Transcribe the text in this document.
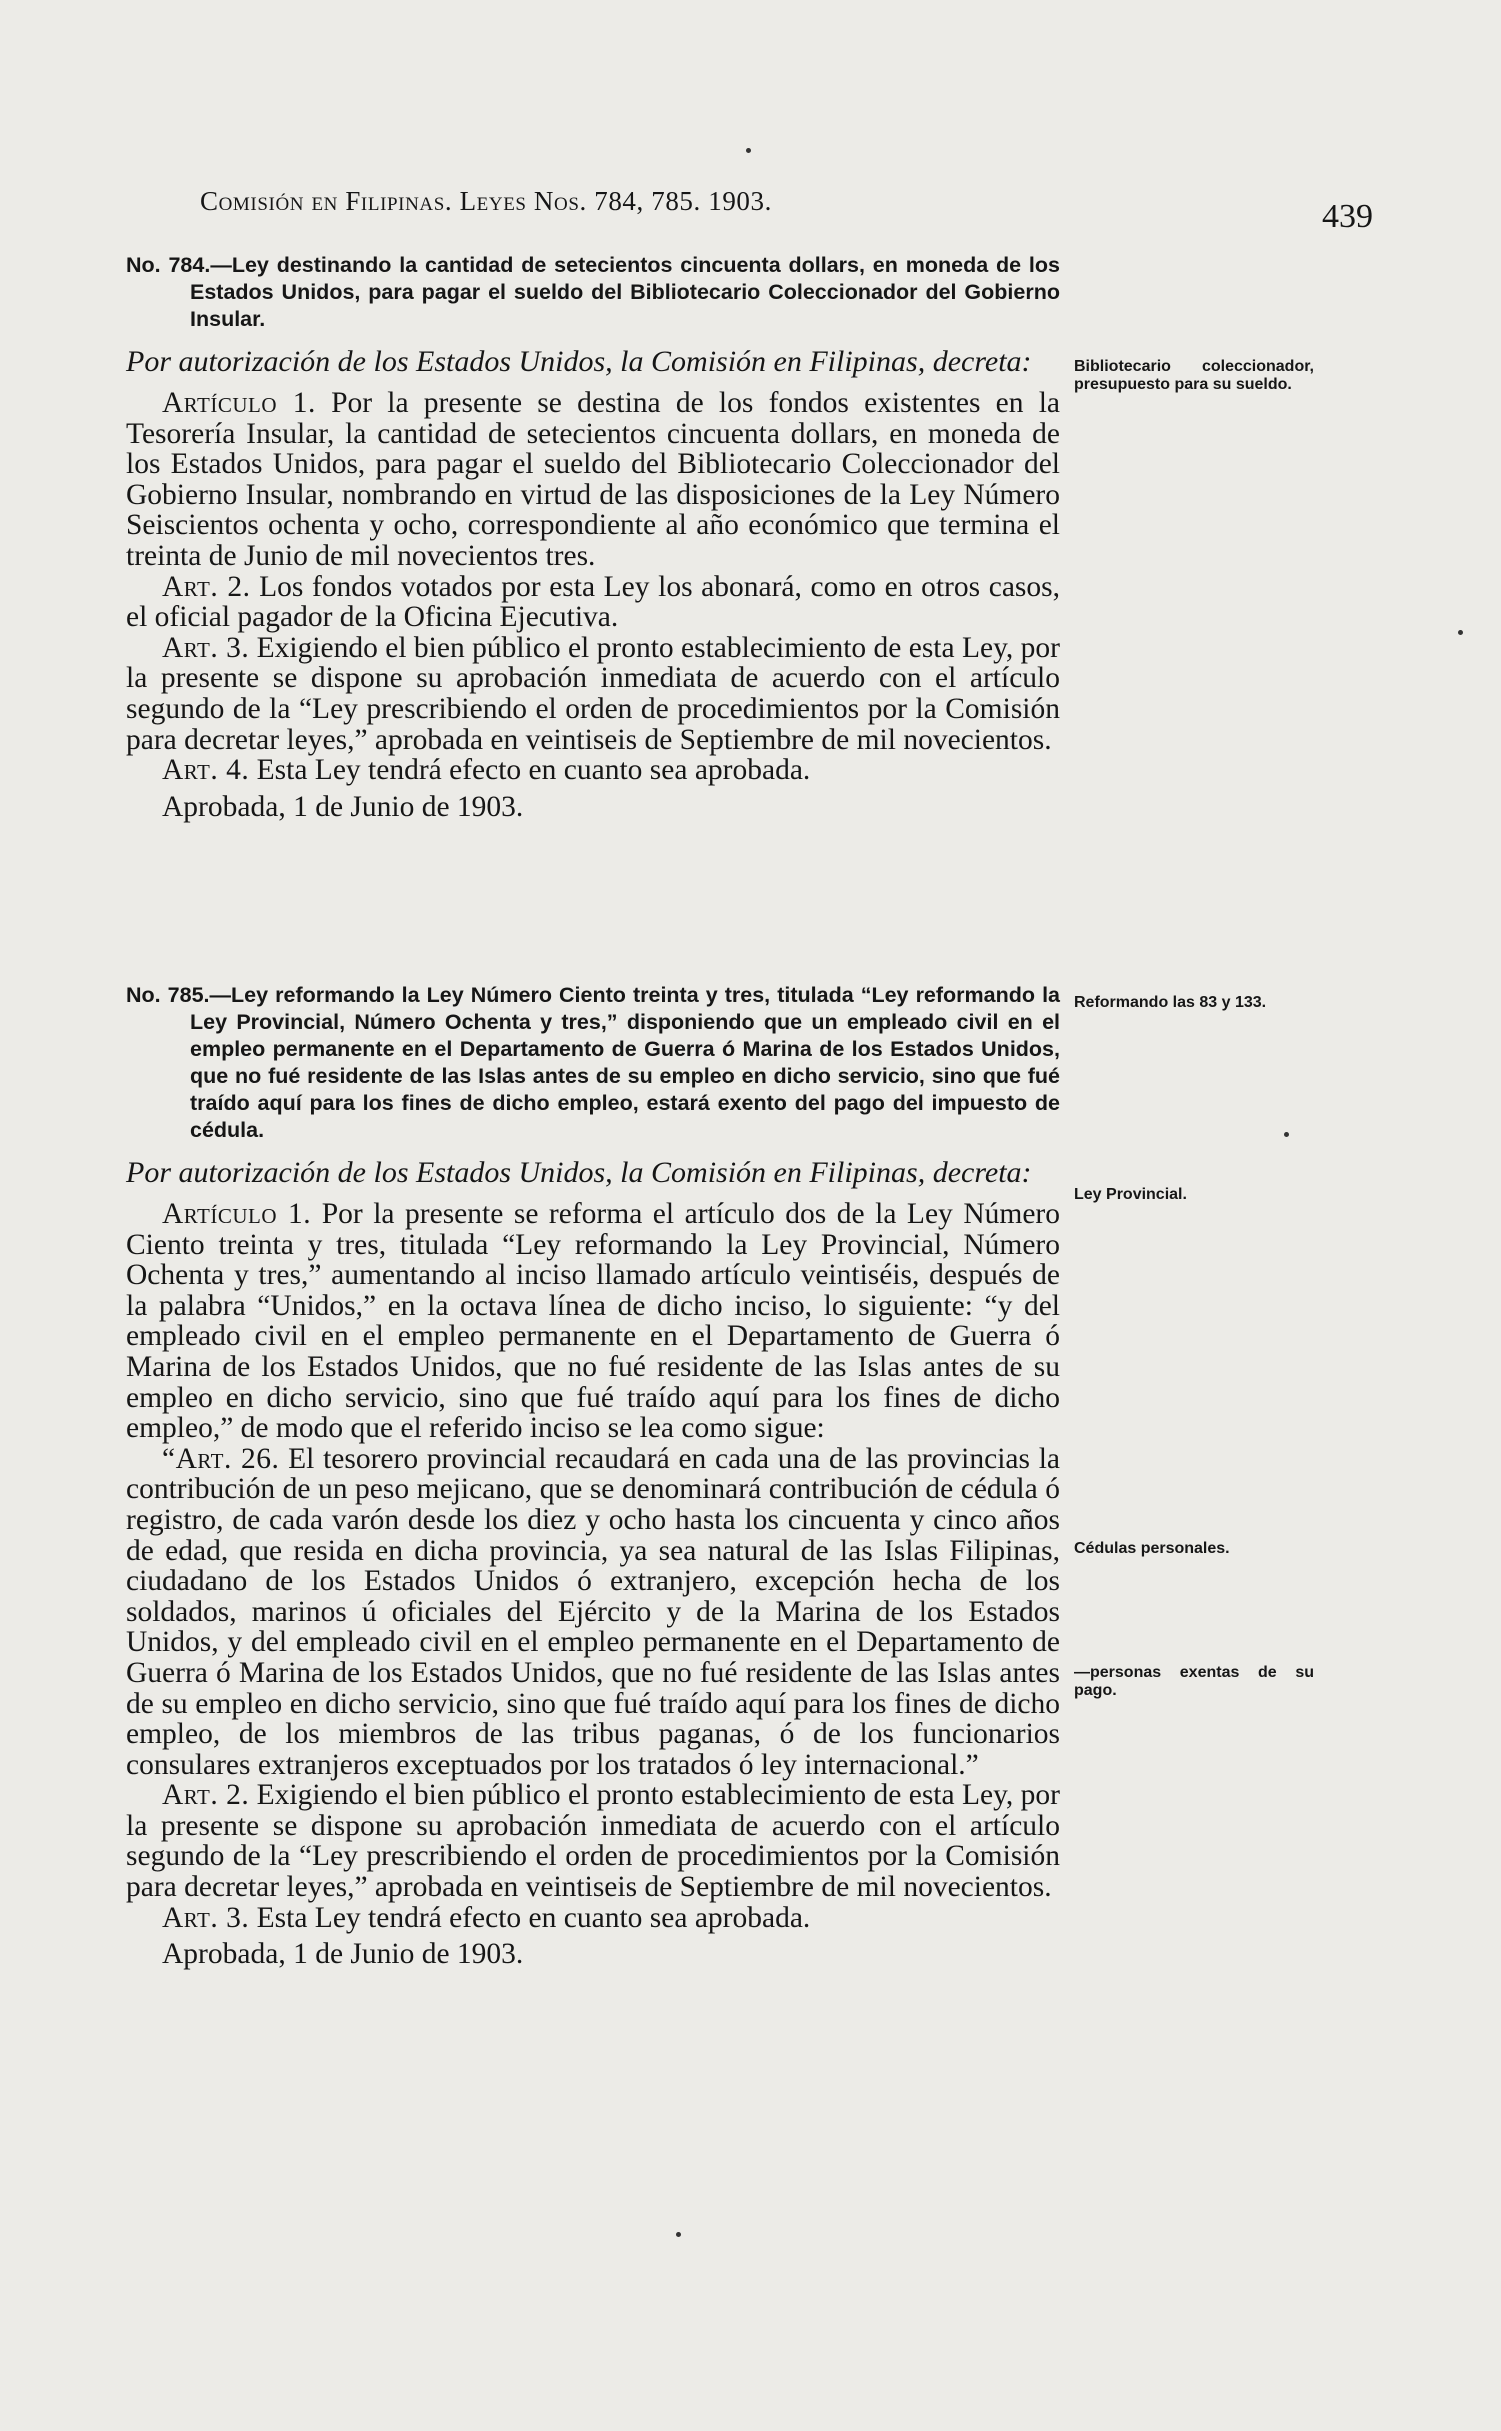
Comisión en Filipinas. Leyes Nos. 784, 785. 1903.	439
No. 784.—Ley destinando la cantidad de setecientos cincuenta dollars, en moneda de los Estados Unidos, para pagar el sueldo del Bibliotecario Coleccionador del Gobierno Insular.
Por autorización de los Estados Unidos, la Comisión en Filipinas, decreta:

Artículo 1. Por la presente se destina de los fondos existentes en la Tesorería Insular, la cantidad de setecientos cincuenta dollars, en moneda de los Estados Unidos, para pagar el sueldo del Bibliotecario Coleccionador del Gobierno Insular, nombrando en virtud de las disposiciones de la Ley Número Seiscientos ochenta y ocho, correspondiente al año económico que termina el treinta de Junio de mil novecientos tres.

Art. 2. Los fondos votados por esta Ley los abonará, como en otros casos, el oficial pagador de la Oficina Ejecutiva.

Art. 3. Exigiendo el bien público el pronto establecimiento de esta Ley, por la presente se dispone su aprobación inmediata de acuerdo con el artículo segundo de la “Ley prescribiendo el orden de procedimientos por la Comisión para decretar leyes,” aprobada en veintiseis de Septiembre de mil novecientos.

Art. 4. Esta Ley tendrá efecto en cuanto sea aprobada.

Aprobada, 1 de Junio de 1903.
Bibliotecario coleccionador, presupuesto para su sueldo.
No. 785.—Ley reformando la Ley Número Ciento treinta y tres, titulada “Ley reformando la Ley Provincial, Número Ochenta y tres,” disponiendo que un empleado civil en el empleo permanente en el Departamento de Guerra ó Marina de los Estados Unidos, que no fué residente de las Islas antes de su empleo en dicho servicio, sino que fué traído aquí para los fines de dicho empleo, estará exento del pago del impuesto de cédula.
Por autorización de los Estados Unidos, la Comisión en Filipinas, decreta:

Artículo 1. Por la presente se reforma el artículo dos de la Ley Número Ciento treinta y tres, titulada “Ley reformando la Ley Provincial, Número Ochenta y tres,” aumentando al inciso llamado artículo veintiséis, después de la palabra “Unidos,” en la octava línea de dicho inciso, lo siguiente: “y del empleado civil en el empleo permanente en el Departamento de Guerra ó Marina de los Estados Unidos, que no fué residente de las Islas antes de su empleo en dicho servicio, sino que fué traído aquí para los fines de dicho empleo,” de modo que el referido inciso se lea como sigue:

“Art. 26. El tesorero provincial recaudará en cada una de las provincias la contribución de un peso mejicano, que se denominará contribución de cédula ó registro, de cada varón desde los diez y ocho hasta los cincuenta y cinco años de edad, que resida en dicha provincia, ya sea natural de las Islas Filipinas, ciudadano de los Estados Unidos ó extranjero, excepción hecha de los soldados, marinos ú oficiales del Ejército y de la Marina de los Estados Unidos, y del empleado civil en el empleo permanente en el Departamento de Guerra ó Marina de los Estados Unidos, que no fué residente de las Islas antes de su empleo en dicho servicio, sino que fué traído aquí para los fines de dicho empleo, de los miembros de las tribus paganas, ó de los funcionarios consulares extranjeros exceptuados por los tratados ó ley internacional.”

Art. 2. Exigiendo el bien público el pronto establecimiento de esta Ley, por la presente se dispone su aprobación inmediata de acuerdo con el artículo segundo de la “Ley prescribiendo el orden de procedimientos por la Comisión para decretar leyes,” aprobada en veintiseis de Septiembre de mil novecientos.

Art. 3. Esta Ley tendrá efecto en cuanto sea aprobada.

Aprobada, 1 de Junio de 1903.
Reformando las 83 y 133.
Ley Provincial.
Cédulas personales.
—personas exentas de su pago.
